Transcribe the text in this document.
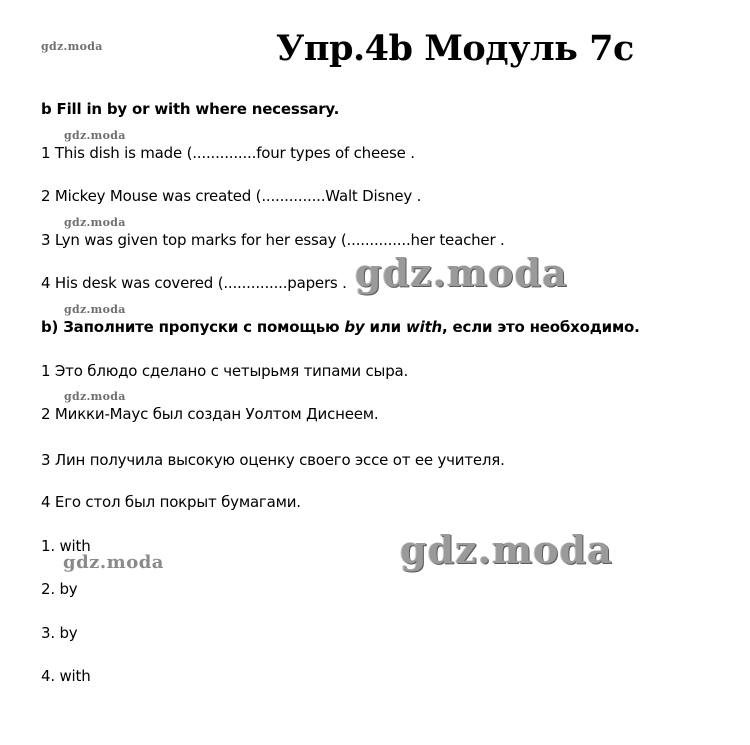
gdz.moda	Упр.4b Модуль 7с
b Fill in by or with where necessary.
gdz.moda
1 This dish is made (..............four types of cheese .
2 Mickey Mouse was created (..............Walt Disney .
gdz.moda
3 Lyn was given top marks for her essay (..............her teacher .
4 His desk was covered (..............papers . gdz.moda
gdz.moda
b) Заполните пропуски с помощью by или with, если это необходимо.
1 Это блюдо сделано с четырьмя типами сыра.
gdz.moda
2 Микки-Маус был создан Уолтом Диснеем.
3 Лин получила высокую оценку своего эссе от ее учителя.
4 Его стол был покрыт бумагами.
1. with
gdz.moda	gdz.moda
2. by
3. by
4. with
